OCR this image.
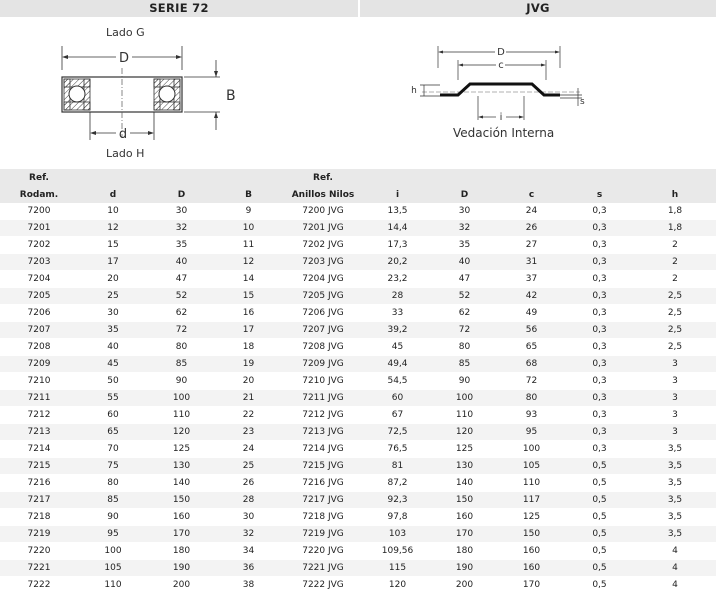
SERIE 72	JVG
Lado G
Lado H
D
B
d
D
c
h
s
i
Vedación Interna
Ref.				Ref.					
Rodam.	d	D	B	Anillos Nilos	i	D	c	s	h
7200	10	30	9	7200 JVG	13,5	30	24	0,3	1,8
7201	12	32	10	7201 JVG	14,4	32	26	0,3	1,8
7202	15	35	11	7202 JVG	17,3	35	27	0,3	2
7203	17	40	12	7203 JVG	20,2	40	31	0,3	2
7204	20	47	14	7204 JVG	23,2	47	37	0,3	2
7205	25	52	15	7205 JVG	28	52	42	0,3	2,5
7206	30	62	16	7206 JVG	33	62	49	0,3	2,5
7207	35	72	17	7207 JVG	39,2	72	56	0,3	2,5
7208	40	80	18	7208 JVG	45	80	65	0,3	2,5
7209	45	85	19	7209 JVG	49,4	85	68	0,3	3
7210	50	90	20	7210 JVG	54,5	90	72	0,3	3
7211	55	100	21	7211 JVG	60	100	80	0,3	3
7212	60	110	22	7212 JVG	67	110	93	0,3	3
7213	65	120	23	7213 JVG	72,5	120	95	0,3	3
7214	70	125	24	7214 JVG	76,5	125	100	0,3	3,5
7215	75	130	25	7215 JVG	81	130	105	0,5	3,5
7216	80	140	26	7216 JVG	87,2	140	110	0,5	3,5
7217	85	150	28	7217 JVG	92,3	150	117	0,5	3,5
7218	90	160	30	7218 JVG	97,8	160	125	0,5	3,5
7219	95	170	32	7219 JVG	103	170	150	0,5	3,5
7220	100	180	34	7220 JVG	109,56	180	160	0,5	4
7221	105	190	36	7221 JVG	115	190	160	0,5	4
7222	110	200	38	7222 JVG	120	200	170	0,5	4
